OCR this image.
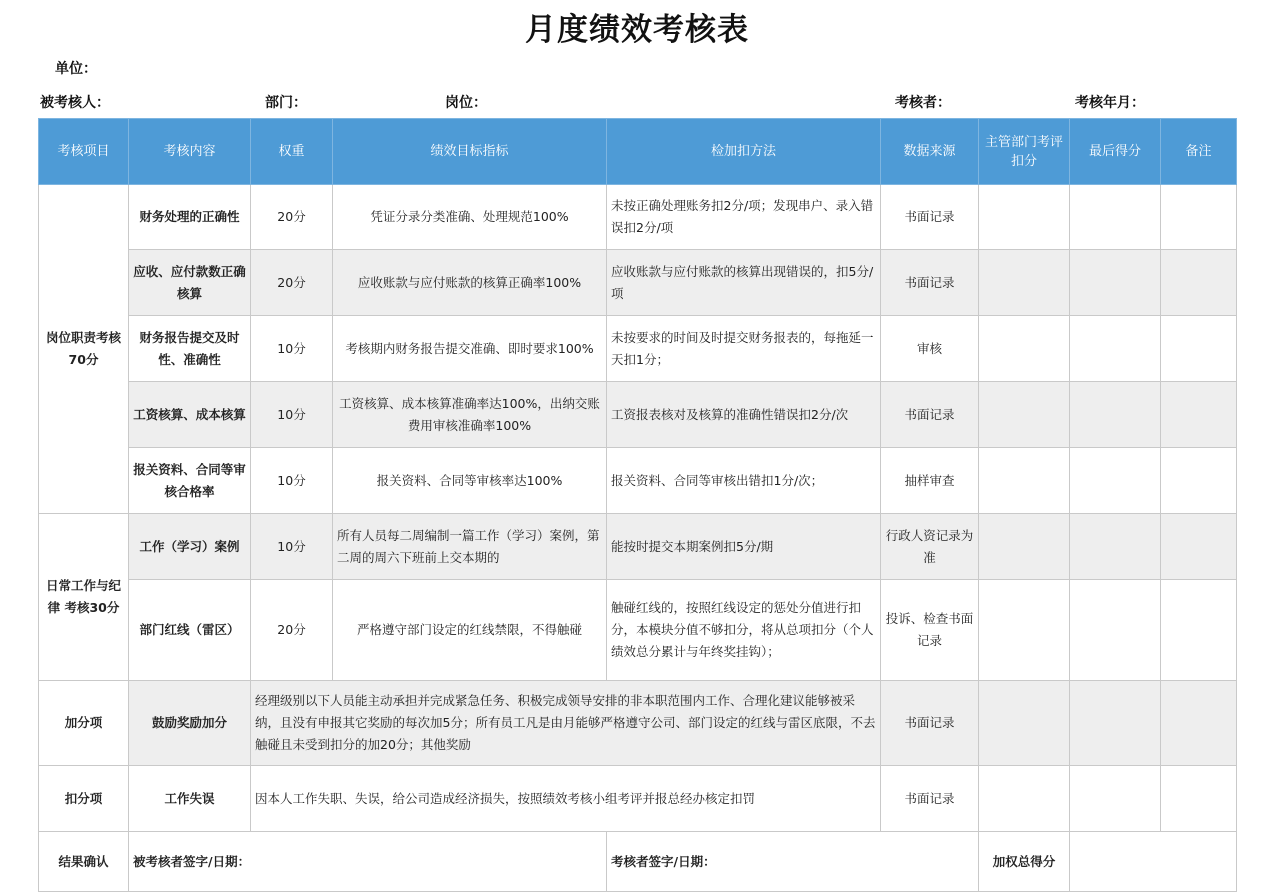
月度绩效考核表
单位：
被考核人：	部门：	岗位：	考核者：	考核年月：
考核项目	考核内容	权重	绩效目标指标	检加扣方法	数据来源	主管部门考评扣分	最后得分	备注
岗位职责考核70分	财务处理的正确性	20分	凭证分录分类准确、处理规范100%	未按正确处理账务扣2分/项；发现串户、录入错误扣2分/项	书面记录			
	应收、应付款数正确核算	20分	应收账款与应付账款的核算正确率100%	应收账款与应付账款的核算出现错误的，扣5分/项	书面记录			
	财务报告提交及时性、准确性	10分	考核期内财务报告提交准确、即时要求100%	未按要求的时间及时提交财务报表的，每拖延一天扣1分；	审核			
	工资核算、成本核算	10分	工资核算、成本核算准确率达100%，出纳交账费用审核准确率100%	工资报表核对及核算的准确性错误扣2分/次	书面记录			
	报关资料、合同等审核合格率	10分	报关资料、合同等审核率达100%	报关资料、合同等审核出错扣1分/次；	抽样审查			
日常工作与纪律 考核30分	工作（学习）案例	10分	所有人员每二周编制一篇工作（学习）案例，第二周的周六下班前上交本期的	能按时提交本期案例扣5分/期	行政人资记录为准			
	部门红线（雷区）	20分	严格遵守部门设定的红线禁限，不得触碰	触碰红线的，按照红线设定的惩处分值进行扣分，本模块分值不够扣分，将从总项扣分（个人绩效总分累计与年终奖挂钩）；	投诉、检查书面记录			
加分项	鼓励奖励加分	经理级别以下人员能主动承担并完成紧急任务、积极完成领导安排的非本职范围内工作、合理化建议能够被采纳，且没有申报其它奖励的每次加5分；所有员工凡是由月能够严格遵守公司、部门设定的红线与雷区底限，不去触碰且未受到扣分的加20分；其他奖励			书面记录			
扣分项	工作失误	因本人工作失职、失误，给公司造成经济损失，按照绩效考核小组考评并报总经办核定扣罚			书面记录			
结果确认	被考核者签字/日期：			考核者签字/日期：		加权总得分		
